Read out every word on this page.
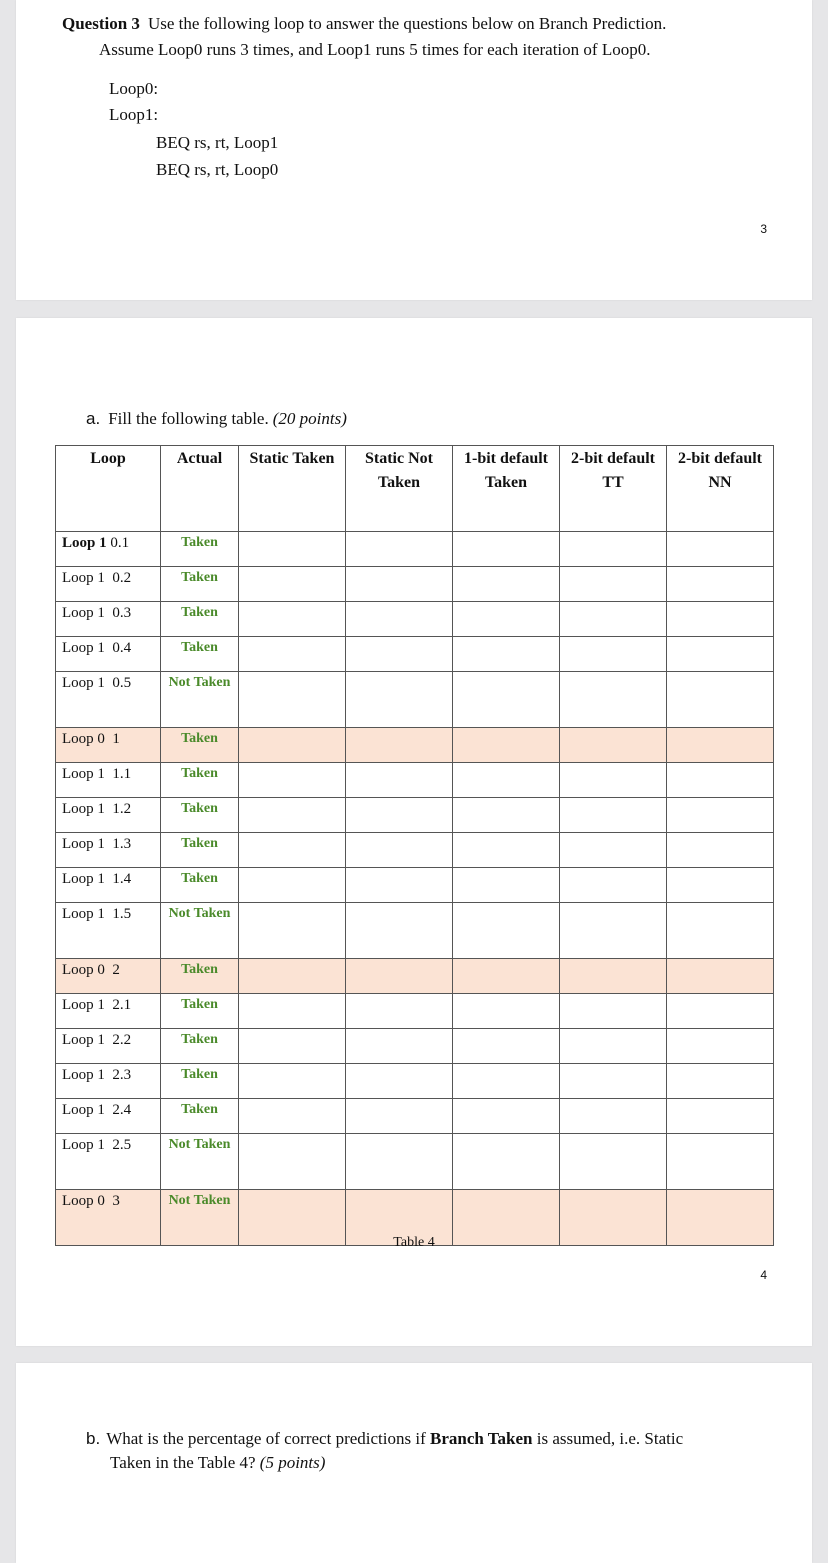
Question 3 Use the following loop to answer the questions below on Branch Prediction.
Assume Loop0 runs 3 times, and Loop1 runs 5 times for each iteration of Loop0.
Loop0:
Loop1:
BEQ rs, rt, Loop1
BEQ rs, rt, Loop0
3
a. Fill the following table. (20 points)
Loop	Actual	Static Taken	Static Not Taken	1-bit default Taken	2-bit default TT	2-bit default NN
Loop 1 0.1	Taken					
Loop 1  0.2	Taken					
Loop 1  0.3	Taken					
Loop 1  0.4	Taken					
Loop 1  0.5	Not Taken					
Loop 0  1	Taken					
Loop 1  1.1	Taken					
Loop 1  1.2	Taken					
Loop 1  1.3	Taken					
Loop 1  1.4	Taken					
Loop 1  1.5	Not Taken					
Loop 0  2	Taken					
Loop 1  2.1	Taken					
Loop 1  2.2	Taken					
Loop 1  2.3	Taken					
Loop 1  2.4	Taken					
Loop 1  2.5	Not Taken					
Loop 0  3	Not Taken					
Table 4
4
b. What is the percentage of correct predictions if Branch Taken is assumed, i.e. Static
Taken in the Table 4? (5 points)
